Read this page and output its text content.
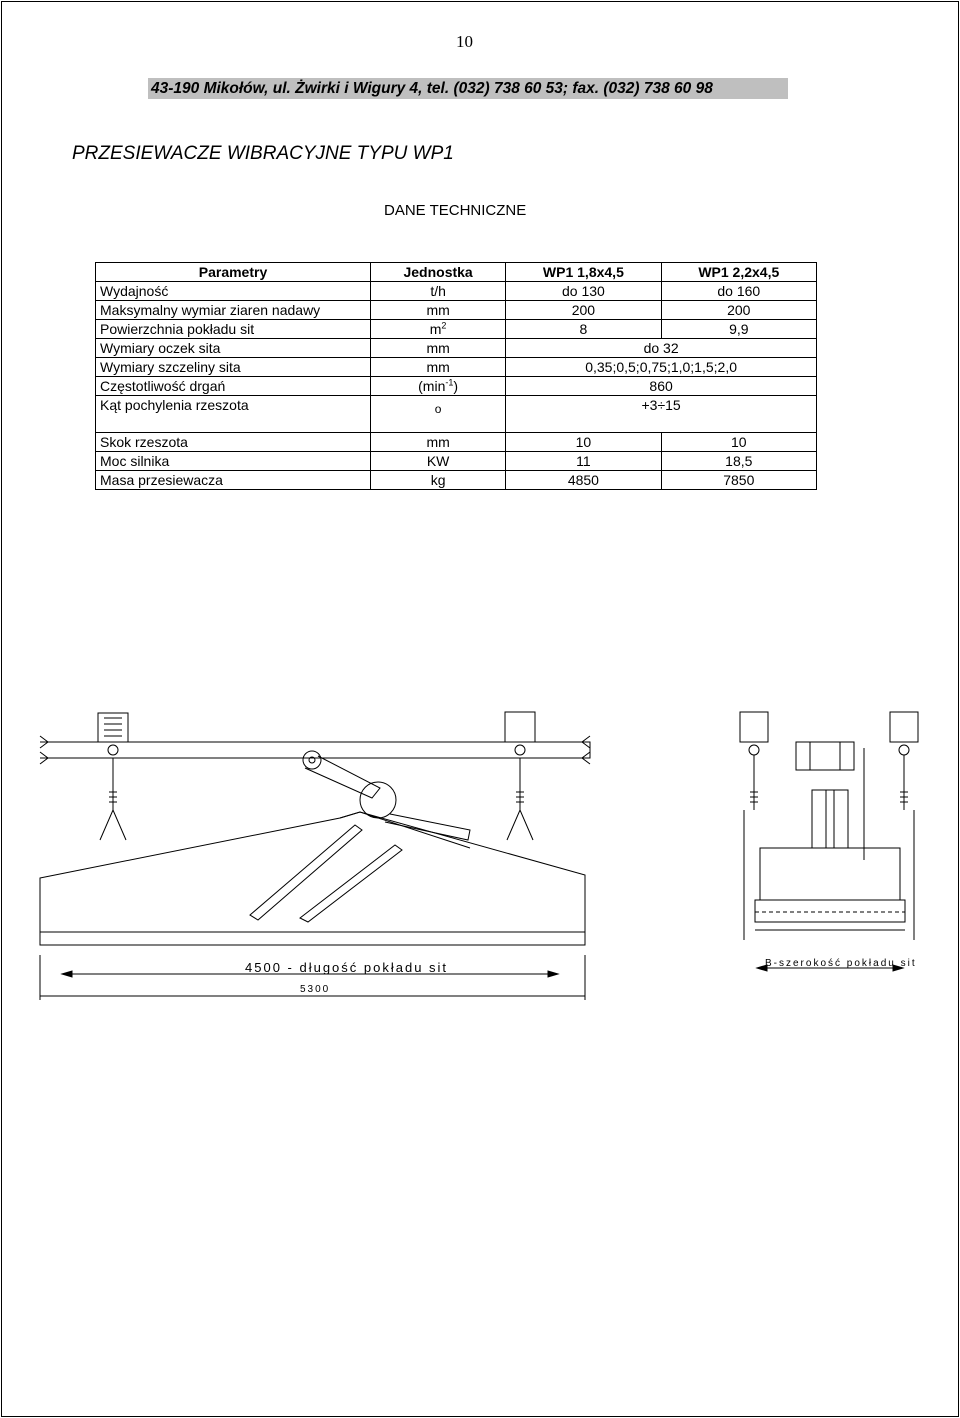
10
43-190 Mikołów, ul. Żwirki i Wigury 4, tel. (032) 738 60 53; fax. (032) 738 60 98
PRZESIEWACZE WIBRACYJNE TYPU WP1
DANE TECHNICZNE
Parametry	Jednostka	WP1 1,8x4,5	WP1 2,2x4,5
Wydajność	t/h	do 130	do 160
Maksymalny wymiar ziaren nadawy	mm	200	200
Powierzchnia pokładu sit	$m^2$	8	9,9
Wymiary oczek sita	mm	do 32	
Wymiary szczeliny sita	mm	0,35;0,5;0,75;1,0;1,5;2,0	
Częstotliwość drgań	$(\min^{-1})$	860	
Kąt pochylenia rzeszota	o	+3÷15	
Skok rzeszota	mm	10	10
Moc silnika	KW	11	18,5
Masa przesiewacza	kg	4850	7850
4500 - długość pokładu sit
5300
B-szerokość pokładu sit
